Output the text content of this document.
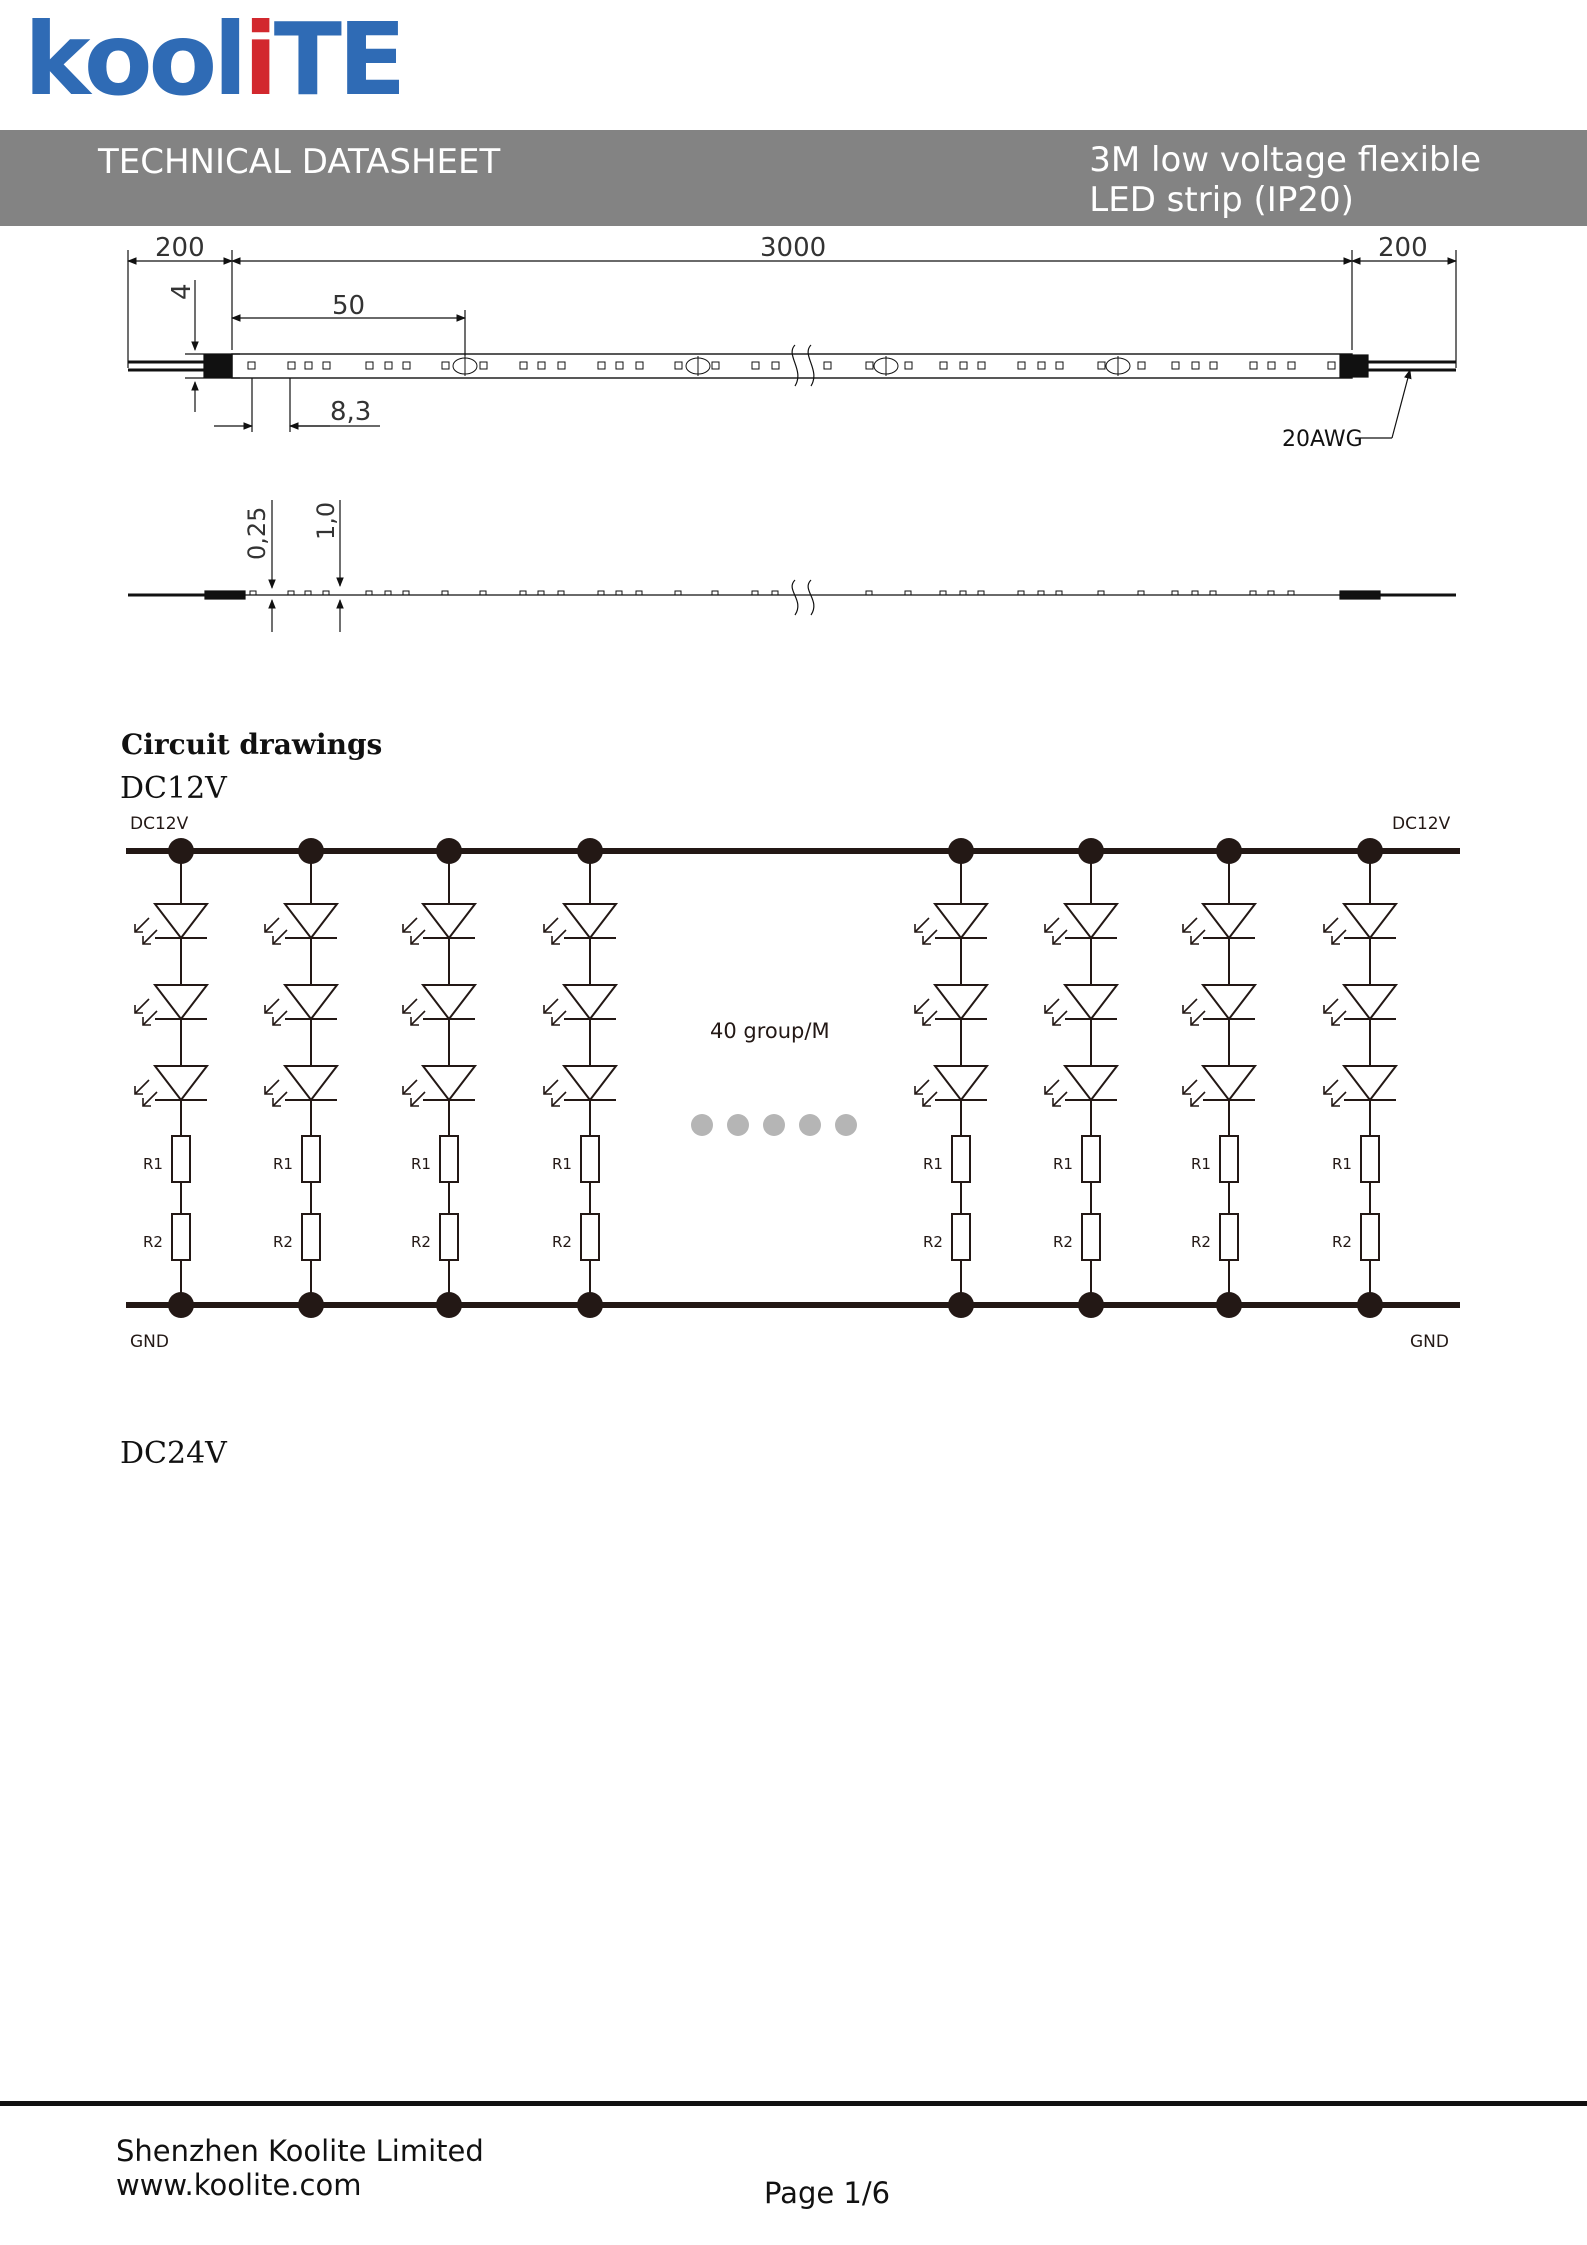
kooliTE
TECHNICAL DATASHEET	3M low voltage flexible
LED strip (IP20)
200	3000	200
50
8,3
4
20AWG
0,25 1,0
R1
R2
R1
R2
R1
R2
R1
R2
R1
R2
R1
R2
R1
R2
R1
R2
DC12V	DC12V
GND	GND
40 group/M
Circuit drawings
DC12V
DC24V
Shenzhen Koolite Limited
www.koolite.com	Page 1/6
